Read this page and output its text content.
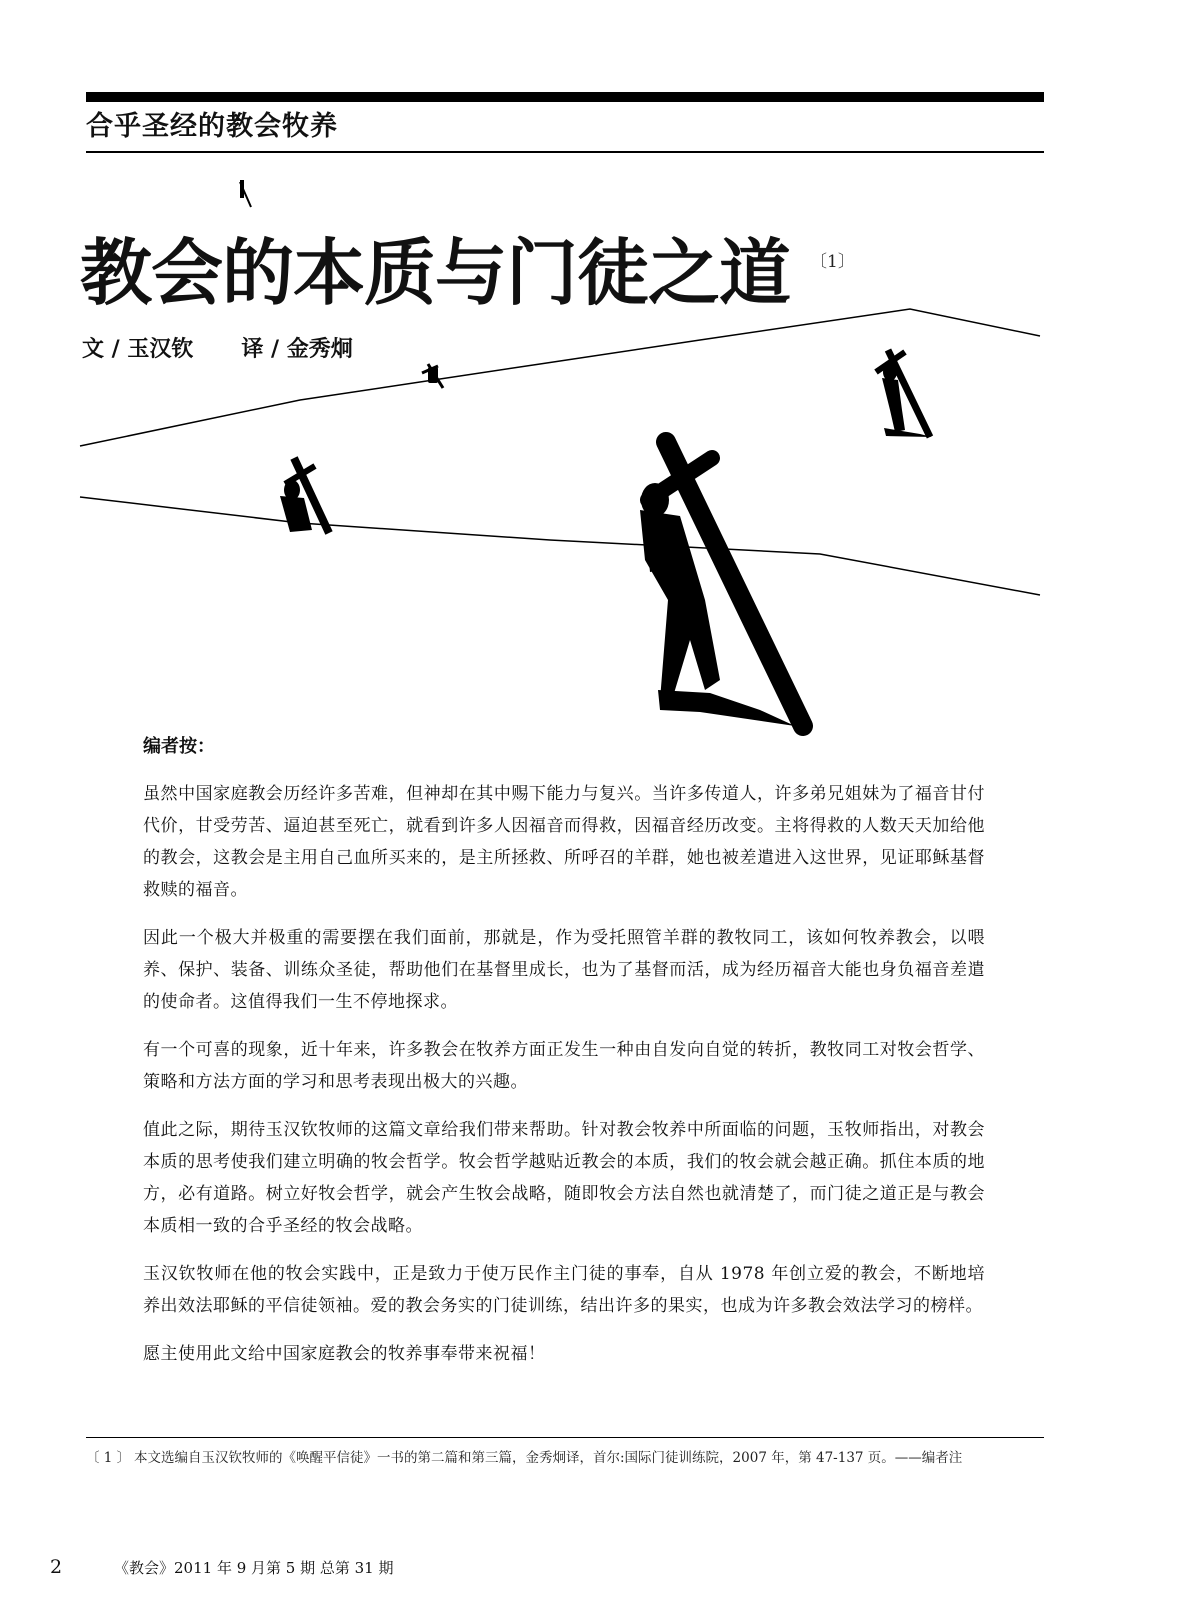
合乎圣经的教会牧养
教会的本质与门徒之道 〔1〕
文 / 玉汉钦 译 / 金秀炯
编者按：

虽然中国家庭教会历经许多苦难，但神却在其中赐下能力与复兴。当许多传道人，许多弟兄姐妹为了福音甘付代价，甘受劳苦、逼迫甚至死亡，就看到许多人因福音而得救，因福音经历改变。主将得救的人数天天加给他的教会，这教会是主用自己血所买来的，是主所拯救、所呼召的羊群，她也被差遣进入这世界，见证耶稣基督救赎的福音。

因此一个极大并极重的需要摆在我们面前，那就是，作为受托照管羊群的教牧同工，该如何牧养教会，以喂养、保护、装备、训练众圣徒，帮助他们在基督里成长，也为了基督而活，成为经历福音大能也身负福音差遣的使命者。这值得我们一生不停地探求。

有一个可喜的现象，近十年来，许多教会在牧养方面正发生一种由自发向自觉的转折，教牧同工对牧会哲学、策略和方法方面的学习和思考表现出极大的兴趣。

值此之际，期待玉汉钦牧师的这篇文章给我们带来帮助。针对教会牧养中所面临的问题，玉牧师指出，对教会本质的思考使我们建立明确的牧会哲学。牧会哲学越贴近教会的本质，我们的牧会就会越正确。抓住本质的地方，必有道路。树立好牧会哲学，就会产生牧会战略，随即牧会方法自然也就清楚了，而门徒之道正是与教会本质相一致的合乎圣经的牧会战略。

玉汉钦牧师在他的牧会实践中，正是致力于使万民作主门徒的事奉，自从 1978 年创立爱的教会，不断地培养出效法耶稣的平信徒领袖。爱的教会务实的门徒训练，结出许多的果实，也成为许多教会效法学习的榜样。

愿主使用此文给中国家庭教会的牧养事奉带来祝福！

〔 1 〕 本文选编自玉汉钦牧师的《唤醒平信徒》一书的第二篇和第三篇，金秀炯译，首尔:国际门徒训练院，2007 年，第 47-137 页。——编者注
2	《教会》2011 年 9 月第 5 期 总第 31 期
